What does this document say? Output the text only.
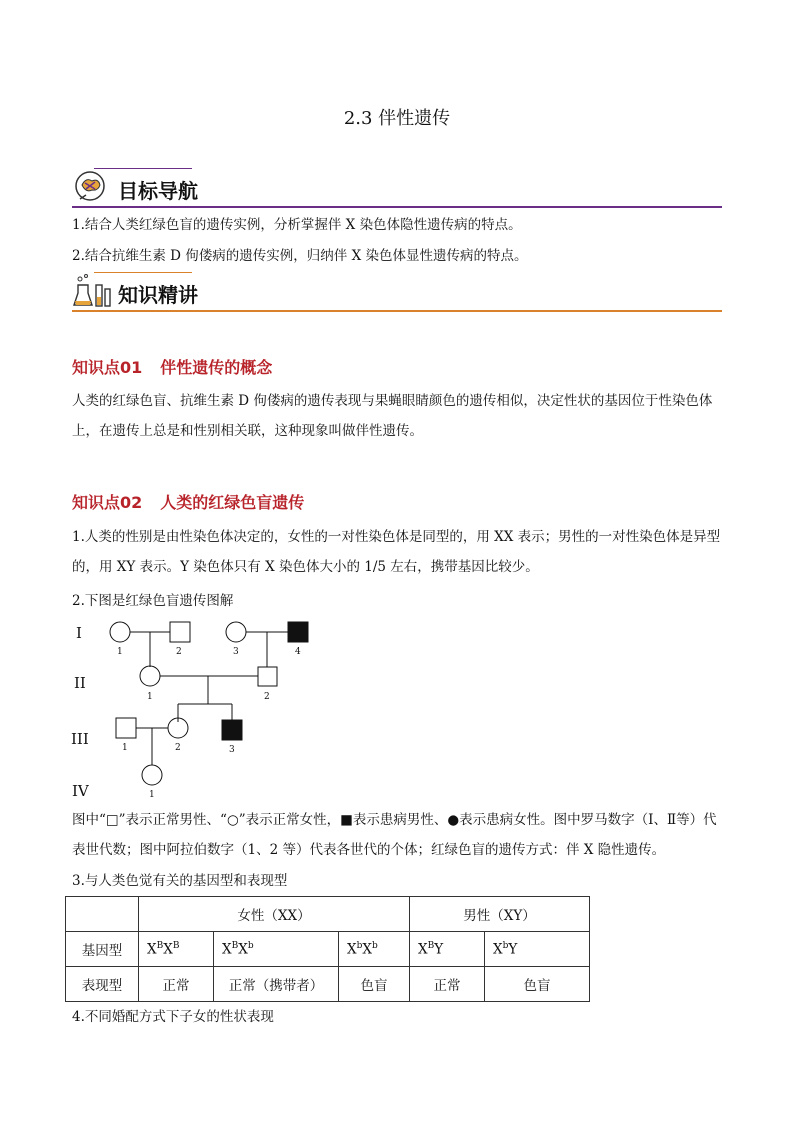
2.3 伴性遗传
目标导航
1.结合人类红绿色盲的遗传实例，分析掌握伴 X 染色体隐性遗传病的特点。
2.结合抗维生素 D 佝偻病的遗传实例，归纳伴 X 染色体显性遗传病的特点。
知识精讲
知识点01 伴性遗传的概念
人类的红绿色盲、抗维生素 D 佝偻病的遗传表现与果蝇眼睛颜色的遗传相似，决定性状的基因位于性染色体上，在遗传上总是和性别相关联，这种现象叫做伴性遗传。
知识点02 人类的红绿色盲遗传
1.人类的性别是由性染色体决定的，女性的一对性染色体是同型的，用 XX 表示；男性的一对性染色体是异型的，用 XY 表示。Y 染色体只有 X 染色体大小的 1/5 左右，携带基因比较少。
2.下图是红绿色盲遗传图解
I
II
III
IV
1	2	3	4
1	2
1	2	3
1
图中“□”表示正常男性、“○”表示正常女性，■表示患病男性、●表示患病女性。图中罗马数字（Ⅰ、Ⅱ等）代表世代数；图中阿拉伯数字（1、2 等）代表各世代的个体；红绿色盲的遗传方式：伴 X 隐性遗传。
3.与人类色觉有关的基因型和表现型
	女性（XX）			男性（XY）	
基因型	$X^BX^B$	$X^BX^b$	$X^bX^b$	$X^BY$	$X^bY$
表现型	正常	正常（携带者）	色盲	正常	色盲
4.不同婚配方式下子女的性状表现
